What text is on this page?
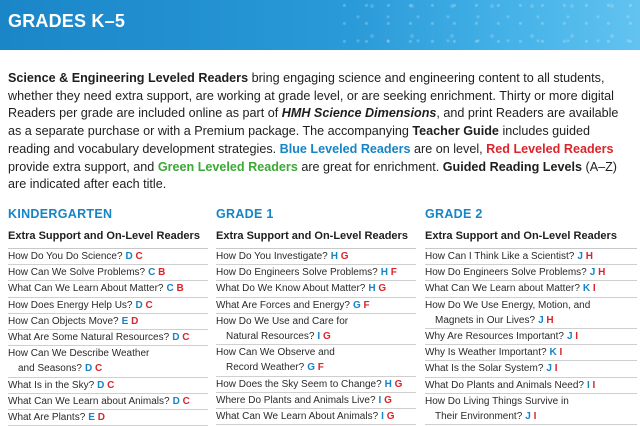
GRADES K–5

Science & Engineering Leveled Readers bring engaging science and engineering content to all students, whether they need extra support, are working at grade level, or are seeking enrichment. Thirty or more digital Readers per grade are included online as part of HMH Science Dimensions, and print Readers are available as a separate purchase or with a Premium package. The accompanying Teacher Guide includes guided reading and vocabulary development strategies. Blue Leveled Readers are on level, Red Leveled Readers provide extra support, and Green Leveled Readers are great for enrichment. Guided Reading Levels (A–Z) are indicated after each title.

KINDERGARTEN
Extra Support and On-Level Readers
How Do You Do Science? D C
How Can We Solve Problems? C B
What Can We Learn About Matter? C B
How Does Energy Help Us? D C
How Can Objects Move? E D
What Are Some Natural Resources? D C
How Can We Describe Weather
and Seasons? D C
What Is in the Sky? D C
What Can We Learn about Animals? D C
What Are Plants? E D
GRADE 1
Extra Support and On-Level Readers
How Do You Investigate? H G
How Do Engineers Solve Problems? H F
What Do We Know About Matter? H G
What Are Forces and Energy? G F
How Do We Use and Care for
Natural Resources? I G
How Can We Observe and
Record Weather? G F
How Does the Sky Seem to Change? H G
Where Do Plants and Animals Live? I G
What Can We Learn About Animals? I G
GRADE 2
Extra Support and On-Level Readers
How Can I Think Like a Scientist? J H
How Do Engineers Solve Problems? J H
What Can We Learn about Matter? K I
How Do We Use Energy, Motion, and
Magnets in Our Lives? J H
Why Are Resources Important? J I
Why Is Weather Important? K I
What Is the Solar System? J I
What Do Plants and Animals Need? I I
How Do Living Things Survive in
Their Environment? J I
